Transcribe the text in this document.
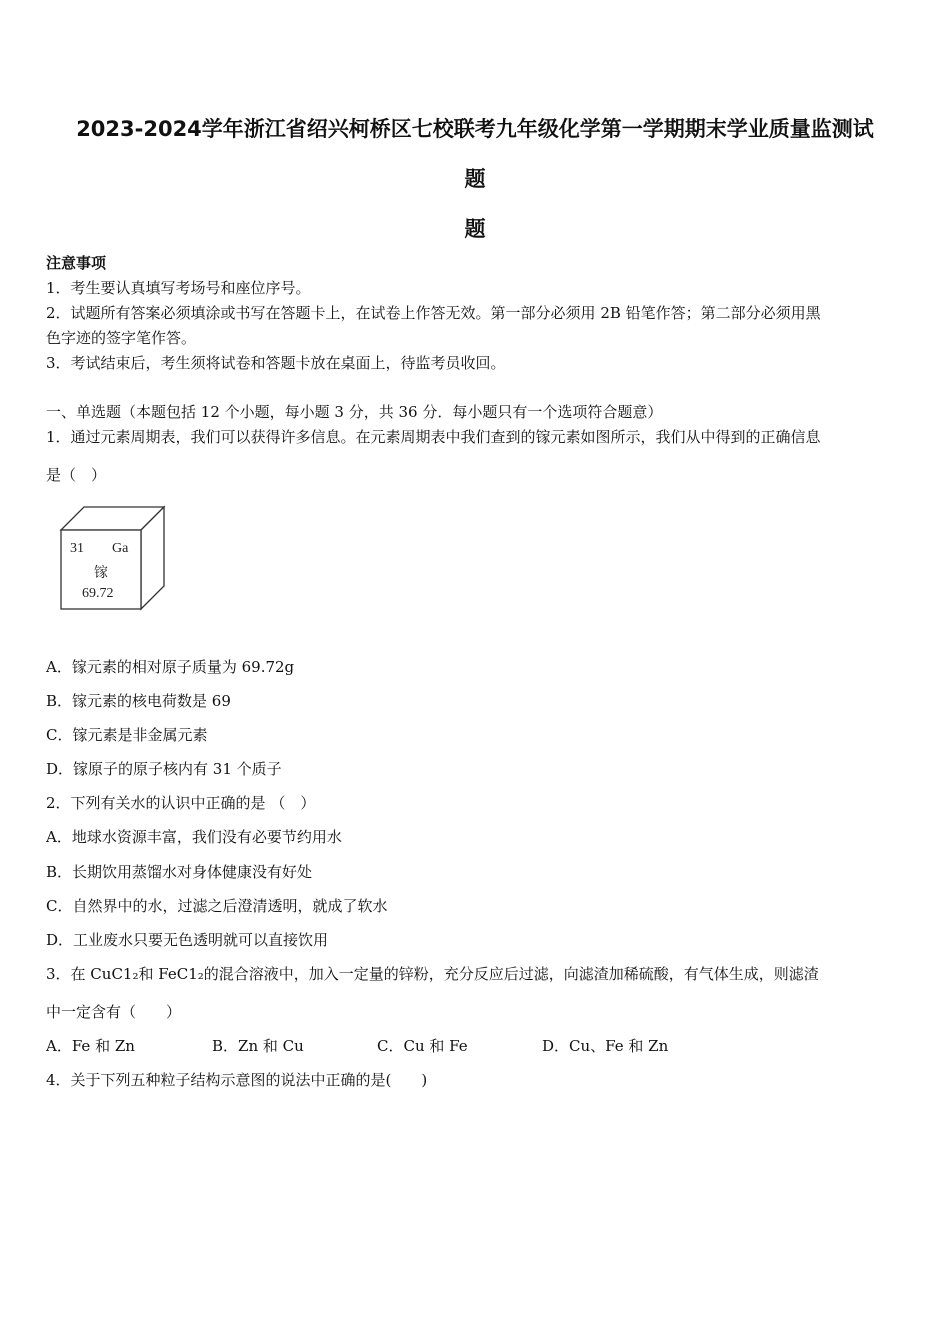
2023-2024学年浙江省绍兴柯桥区七校联考九年级化学第一学期期末学业质量监测试
题
题
注意事项
1．考生要认真填写考场号和座位序号。
2．试题所有答案必须填涂或书写在答题卡上，在试卷上作答无效。第一部分必须用 2B 铅笔作答；第二部分必须用黑
色字迹的签字笔作答。
3．考试结束后，考生须将试卷和答题卡放在桌面上，待监考员收回。
一、单选题（本题包括 12 个小题，每小题 3 分，共 36 分．每小题只有一个选项符合题意）
1．通过元素周期表，我们可以获得许多信息。在元素周期表中我们查到的镓元素如图所示，我们从中得到的正确信息
是（　）
31 Ga
镓
69.72
A．镓元素的相对原子质量为 69.72g
B．镓元素的核电荷数是 69
C．镓元素是非金属元素
D．镓原子的原子核内有 31 个质子
2．下列有关水的认识中正确的是 （　）
A．地球水资源丰富，我们没有必要节约用水
B．长期饮用蒸馏水对身体健康没有好处
C．自然界中的水，过滤之后澄清透明，就成了软水
D．工业废水只要无色透明就可以直接饮用
3．在 CuC1₂和 FeC1₂的混合溶液中，加入一定量的锌粉，充分反应后过滤，向滤渣加稀硫酸，有气体生成，则滤渣
中一定含有（　　）
A．Fe 和 Zn	B．Zn 和 Cu	C．Cu 和 Fe	D．Cu、Fe 和 Zn
4．关于下列五种粒子结构示意图的说法中正确的是(　　)
